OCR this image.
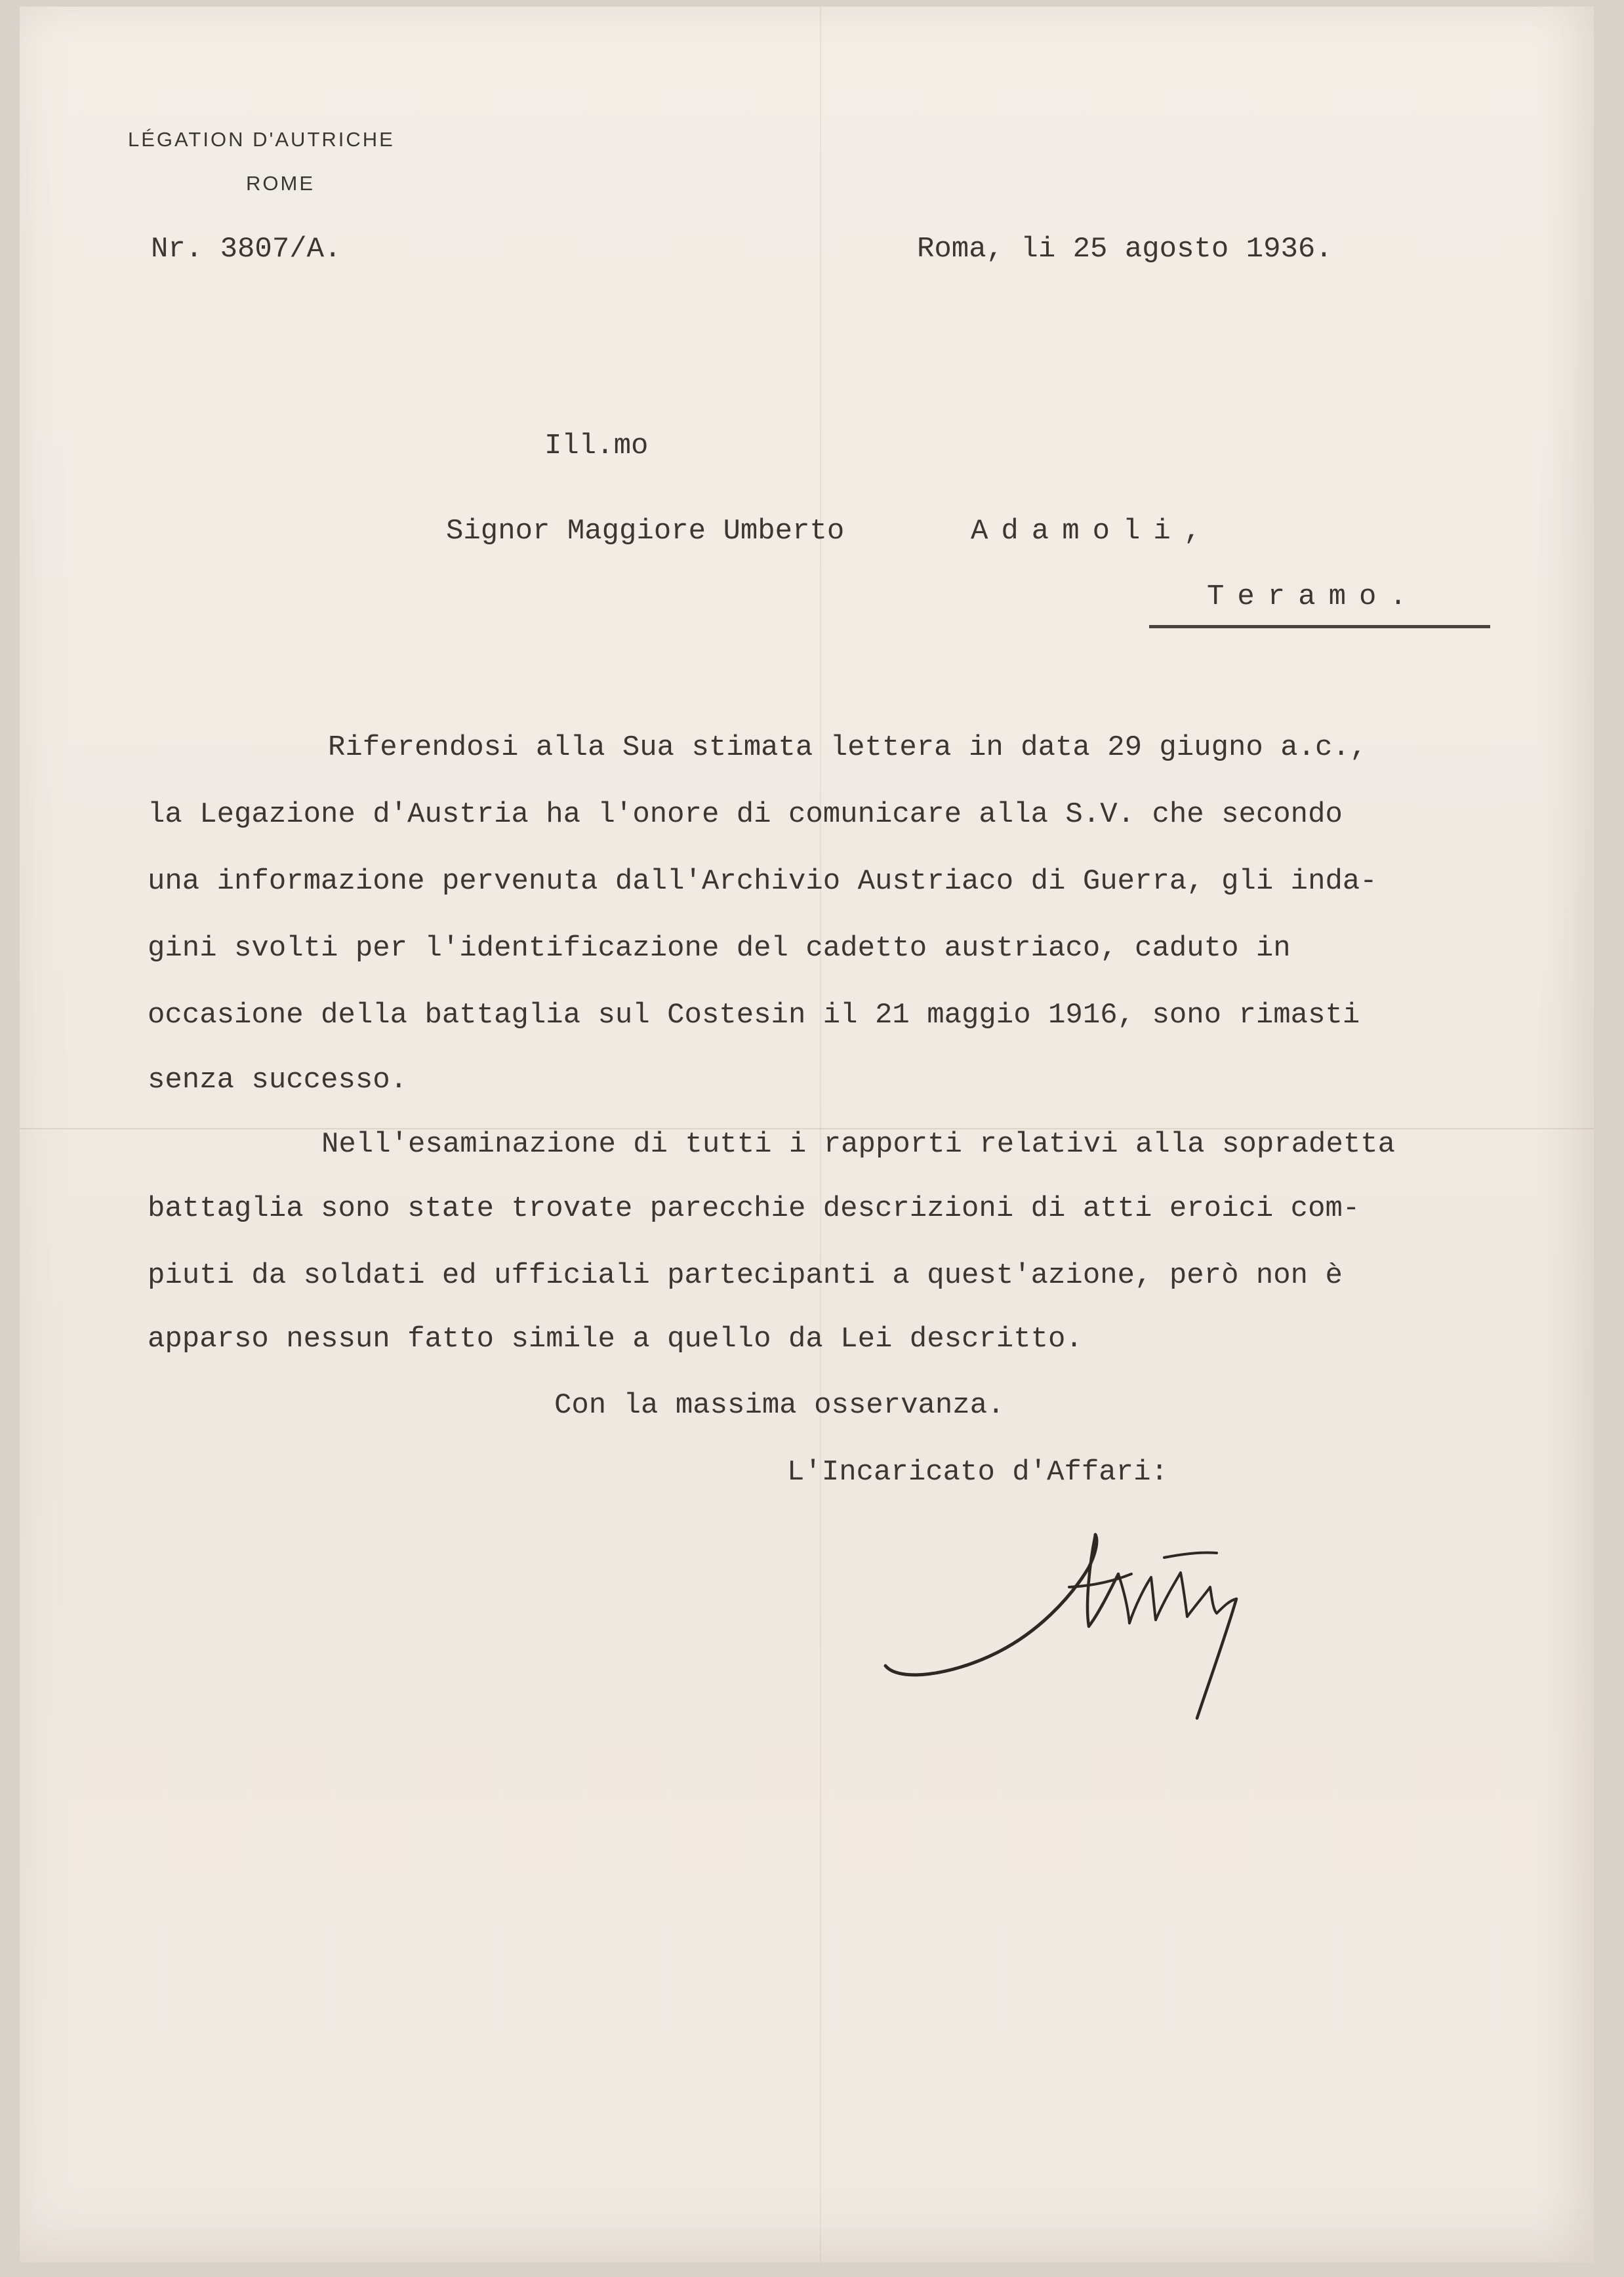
LÉGATION D'AUTRICHE
ROME
Nr. 3807/A.	Roma, li 25 agosto 1936.
Ill.mo
Signor Maggiore Umberto	Adamoli,
Teramo.
Riferendosi alla Sua stimata lettera in data 29 giugno a.c.,
la Legazione d'Austria ha l'onore di comunicare alla S.V. che secondo
una informazione pervenuta dall'Archivio Austriaco di Guerra, gli inda-
gini svolti per l'identificazione del cadetto austriaco, caduto in
occasione della battaglia sul Costesin il 21 maggio 1916, sono rimasti
senza successo.
Nell'esaminazione di tutti i rapporti relativi alla sopradetta
battaglia sono state trovate parecchie descrizioni di atti eroici com-
piuti da soldati ed ufficiali partecipanti a quest'azione, però non è
apparso nessun fatto simile a quello da Lei descritto.
Con la massima osservanza.
L'Incaricato d'Affari:
